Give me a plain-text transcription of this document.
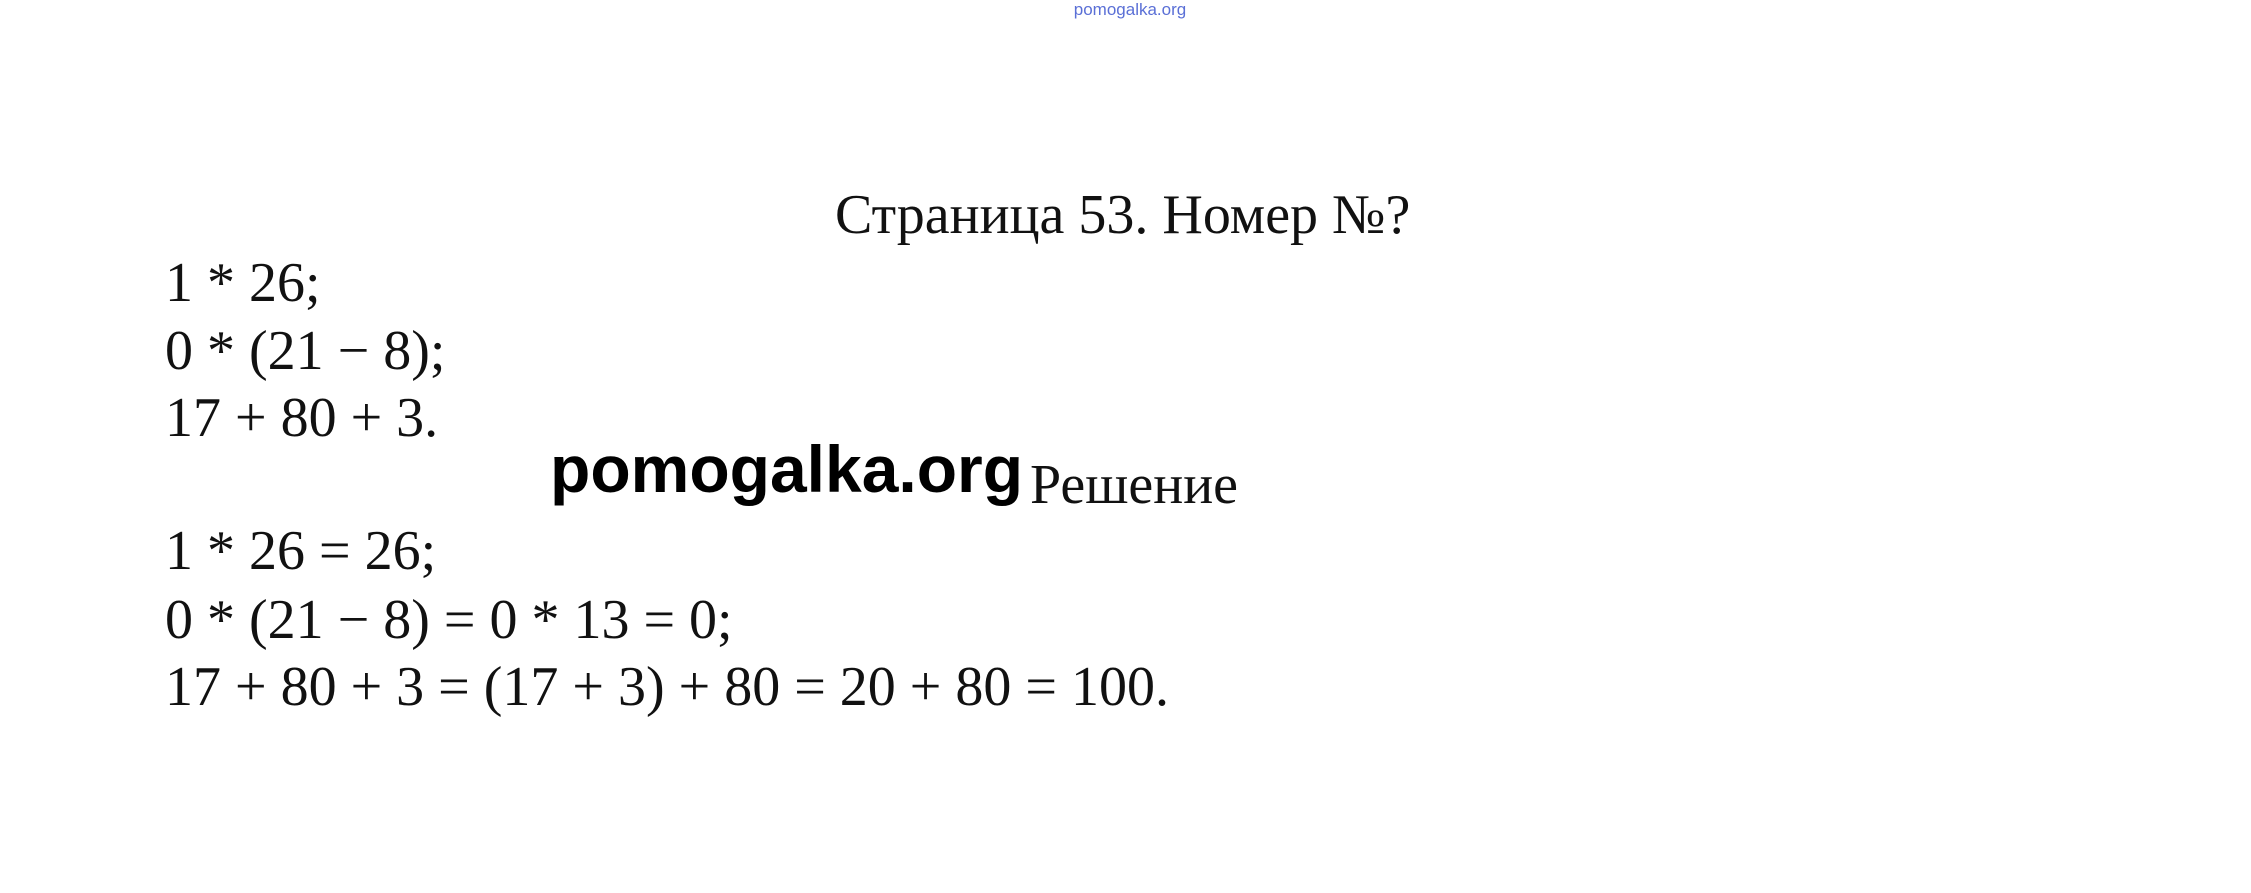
pomogalka.org
Страница 53. Номер №?
1 * 26;
0 * (21 − 8);
17 + 80 + 3.
pomogalka.org Решение
1 * 26 = 26;
0 * (21 − 8) = 0 * 13 = 0;
17 + 80 + 3 = (17 + 3) + 80 = 20 + 80 = 100.
